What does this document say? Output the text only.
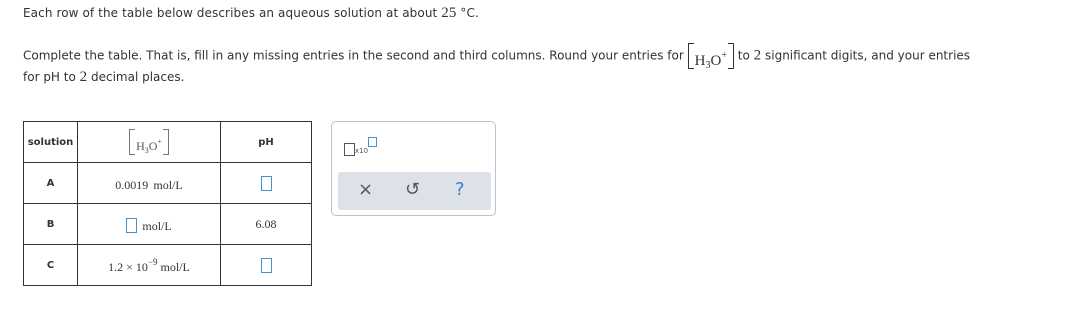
Each row of the table below describes an aqueous solution at about 25 °C.
Complete the table. That is, fill in any missing entries in the second and third columns. Round your entries for $H_3O^+$ to 2 significant digits, and your entries
for pH to 2 decimal places.
solution	$H_3O^+$	pH
A	0.0019 mol/L	
B	mol/L	6.08
C	$1.2 \times 10^{-9}$ mol/L	
x10
× ↺ ?
